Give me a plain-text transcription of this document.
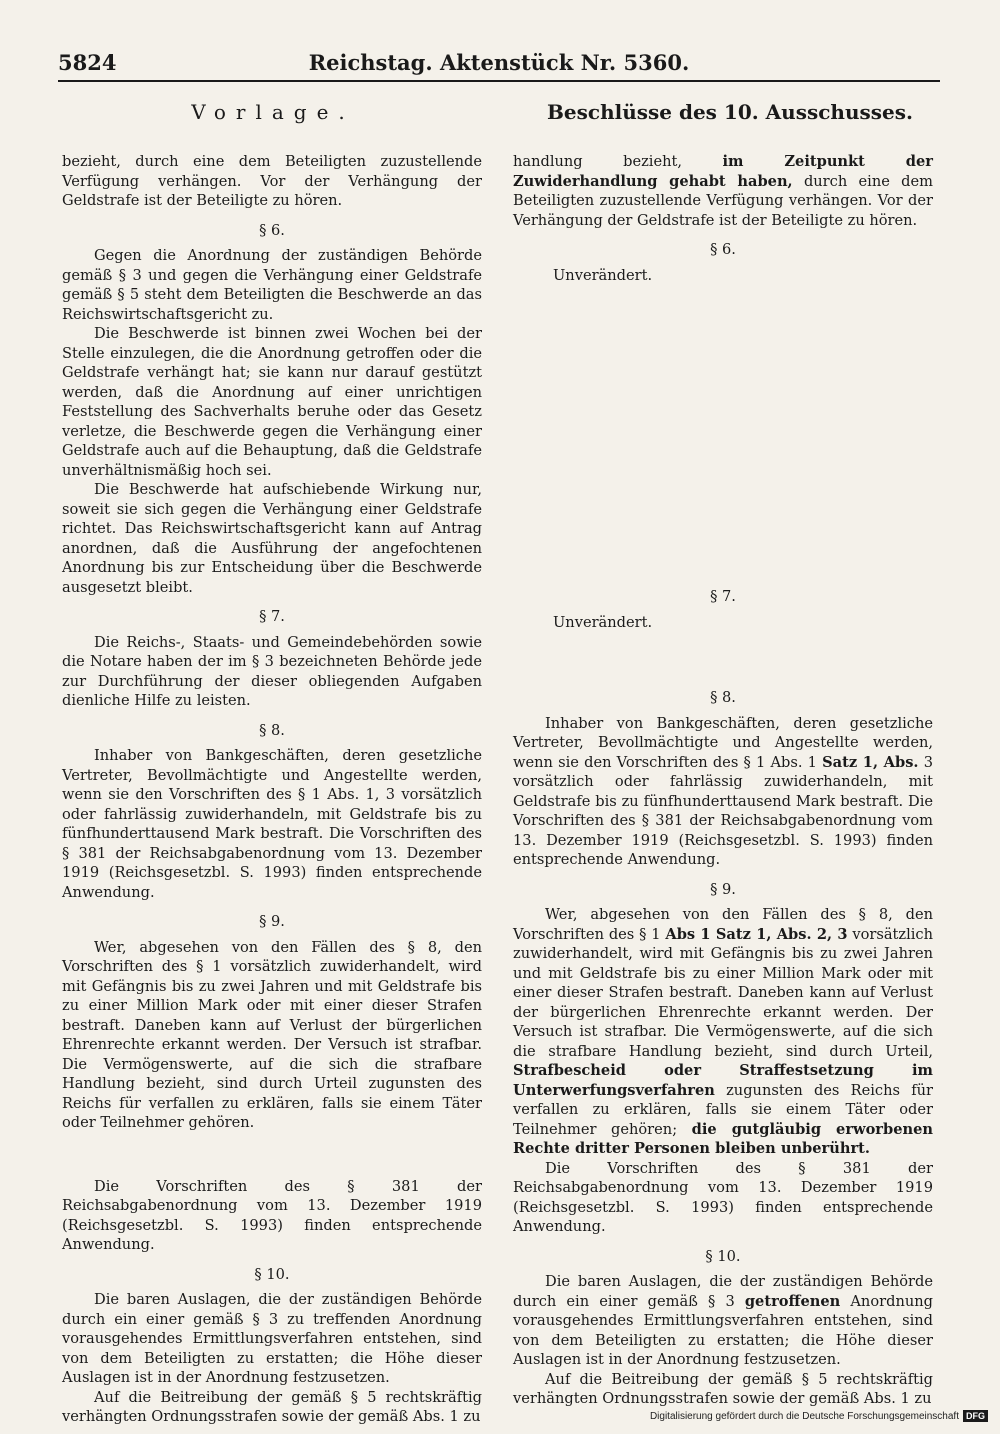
5824	Reichstag. Aktenstück Nr. 5360.
Vorlage.	Beschlüsse des 10. Ausschusses.

bezieht, durch eine dem Beteiligten zuzustellende Verfügung verhängen. Vor der Verhängung der Geldstrafe ist der Beteiligte zu hören.

§ 6.

Gegen die Anordnung der zuständigen Behörde gemäß § 3 und gegen die Verhängung einer Geldstrafe gemäß § 5 steht dem Beteiligten die Beschwerde an das Reichswirtschaftsgericht zu.

Die Beschwerde ist binnen zwei Wochen bei der Stelle einzulegen, die die Anordnung getroffen oder die Geldstrafe verhängt hat; sie kann nur darauf gestützt werden, daß die Anordnung auf einer unrichtigen Feststellung des Sachverhalts beruhe oder das Gesetz verletze, die Beschwerde gegen die Verhängung einer Geldstrafe auch auf die Behauptung, daß die Geldstrafe unverhältnismäßig hoch sei.

Die Beschwerde hat aufschiebende Wirkung nur, soweit sie sich gegen die Verhängung einer Geldstrafe richtet. Das Reichswirtschaftsgericht kann auf Antrag anordnen, daß die Ausführung der angefochtenen Anordnung bis zur Entscheidung über die Beschwerde ausgesetzt bleibt.

§ 7.

Die Reichs-, Staats- und Gemeindebehörden sowie die Notare haben der im § 3 bezeichneten Behörde jede zur Durchführung der dieser obliegenden Aufgaben dienliche Hilfe zu leisten.

§ 8.

Inhaber von Bankgeschäften, deren gesetzliche Vertreter, Bevollmächtigte und Angestellte werden, wenn sie den Vorschriften des § 1 Abs. 1, 3 vorsätzlich oder fahrlässig zuwiderhandeln, mit Geldstrafe bis zu fünfhunderttausend Mark bestraft. Die Vorschriften des § 381 der Reichsabgabenordnung vom 13. Dezember 1919 (Reichsgesetzbl. S. 1993) finden entsprechende Anwendung.

§ 9.

Wer, abgesehen von den Fällen des § 8, den Vorschriften des § 1 vorsätzlich zuwiderhandelt, wird mit Gefängnis bis zu zwei Jahren und mit Geldstrafe bis zu einer Million Mark oder mit einer dieser Strafen bestraft. Daneben kann auf Verlust der bürgerlichen Ehrenrechte erkannt werden. Der Versuch ist strafbar. Die Vermögenswerte, auf die sich die strafbare Handlung bezieht, sind durch Urteil zugunsten des Reichs für verfallen zu erklären, falls sie einem Täter oder Teilnehmer gehören.

Die Vorschriften des § 381 der Reichsabgabenordnung vom 13. Dezember 1919 (Reichsgesetzbl. S. 1993) finden entsprechende Anwendung.

§ 10.

Die baren Auslagen, die der zuständigen Behörde durch ein einer gemäß § 3 zu treffenden Anordnung vorausgehendes Ermittlungsverfahren entstehen, sind von dem Beteiligten zu erstatten; die Höhe dieser Auslagen ist in der Anordnung festzusetzen.

Auf die Beitreibung der gemäß § 5 rechtskräftig verhängten Ordnungsstrafen sowie der gemäß Abs. 1 zu

handlung bezieht, im Zeitpunkt der Zuwiderhandlung gehabt haben, durch eine dem Beteiligten zuzustellende Verfügung verhängen. Vor der Verhängung der Geldstrafe ist der Beteiligte zu hören.

§ 6.
Unverändert.
§ 7.
Unverändert.
§ 8.

Inhaber von Bankgeschäften, deren gesetzliche Vertreter, Bevollmächtigte und Angestellte werden, wenn sie den Vorschriften des § 1 Abs. 1 Satz 1, Abs. 3 vorsätzlich oder fahrlässig zuwiderhandeln, mit Geldstrafe bis zu fünfhunderttausend Mark bestraft. Die Vorschriften des § 381 der Reichsabgabenordnung vom 13. Dezember 1919 (Reichsgesetzbl. S. 1993) finden entsprechende Anwendung.

§ 9.

Wer, abgesehen von den Fällen des § 8, den Vorschriften des § 1 Abs 1 Satz 1, Abs. 2, 3 vorsätzlich zuwiderhandelt, wird mit Gefängnis bis zu zwei Jahren und mit Geldstrafe bis zu einer Million Mark oder mit einer dieser Strafen bestraft. Daneben kann auf Verlust der bürgerlichen Ehrenrechte erkannt werden. Der Versuch ist strafbar. Die Vermögenswerte, auf die sich die strafbare Handlung bezieht, sind durch Urteil, Strafbescheid oder Straffestsetzung im Unterwerfungsverfahren zugunsten des Reichs für verfallen zu erklären, falls sie einem Täter oder Teilnehmer gehören; die gutgläubig erworbenen Rechte dritter Personen bleiben unberührt.

Die Vorschriften des § 381 der Reichsabgabenordnung vom 13. Dezember 1919 (Reichsgesetzbl. S. 1993) finden entsprechende Anwendung.

§ 10.

Die baren Auslagen, die der zuständigen Behörde durch ein einer gemäß § 3 getroffenen Anordnung vorausgehendes Ermittlungsverfahren entstehen, sind von dem Beteiligten zu erstatten; die Höhe dieser Auslagen ist in der Anordnung festzusetzen.

Auf die Beitreibung der gemäß § 5 rechtskräftig verhängten Ordnungsstrafen sowie der gemäß Abs. 1 zu

Digitalisierung gefördert durch die Deutsche Forschungsgemeinschaft DFG
